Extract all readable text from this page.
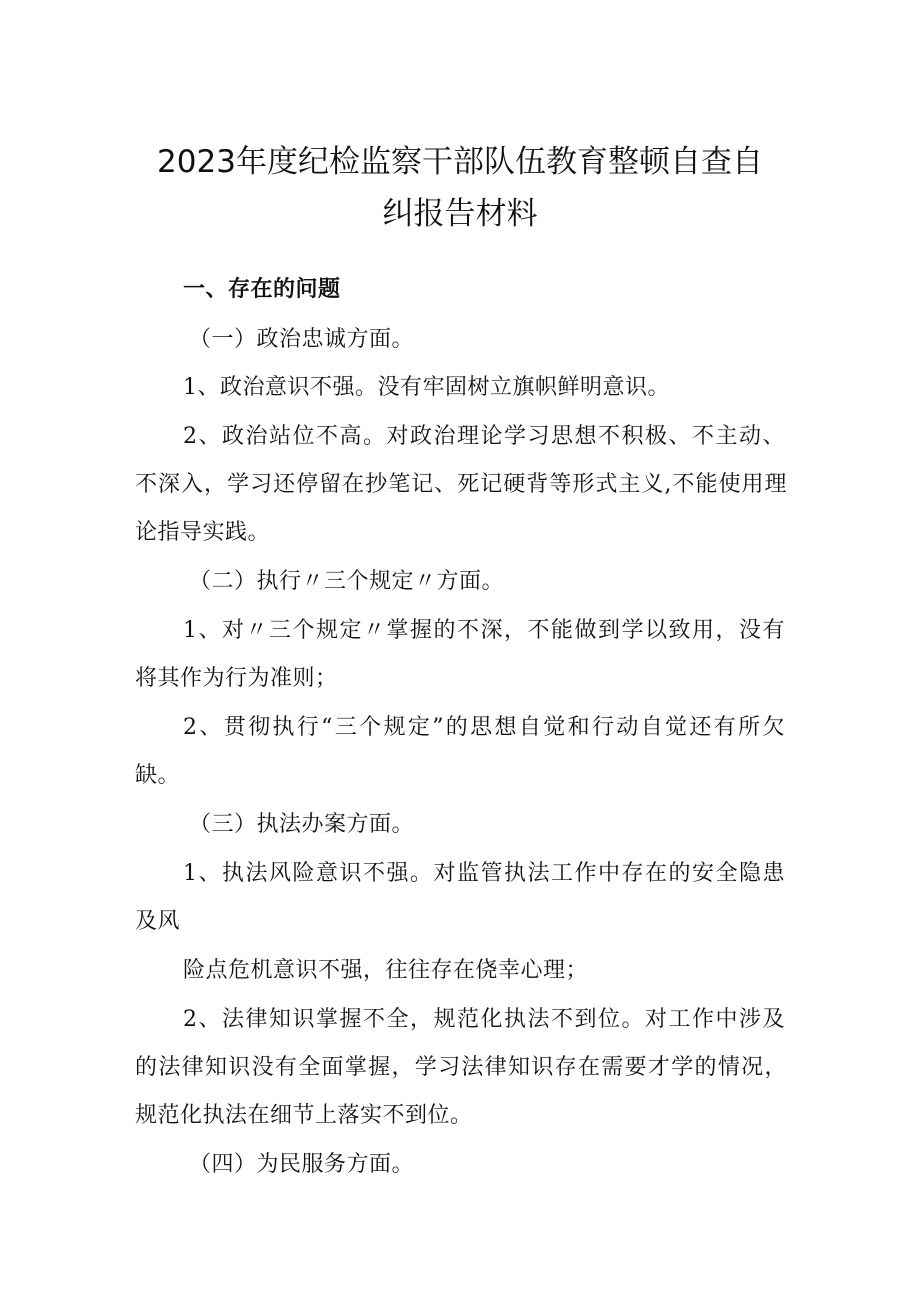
2023年度纪检监察干部队伍教育整顿自查自
纠报告材料
一、存在的问题
（一）政治忠诚方面。
1、政治意识不强。没有牢固树立旗帜鲜明意识。
2、政治站位不高。对政治理论学习思想不积极、不主动、
不深入，学习还停留在抄笔记、死记硬背等形式主义,不能使用理
论指导实践。
（二）执行〃三个规定〃方面。
1、对〃三个规定〃掌握的不深，不能做到学以致用，没有
将其作为行为准则；
2、贯彻执行“三个规定”的思想自觉和行动自觉还有所欠
缺。
（三）执法办案方面。
1、执法风险意识不强。对监管执法工作中存在的安全隐患
及风
险点危机意识不强，往往存在侥幸心理；
2、法律知识掌握不全，规范化执法不到位。对工作中涉及
的法律知识没有全面掌握，学习法律知识存在需要才学的情况，
规范化执法在细节上落实不到位。
（四）为民服务方面。
